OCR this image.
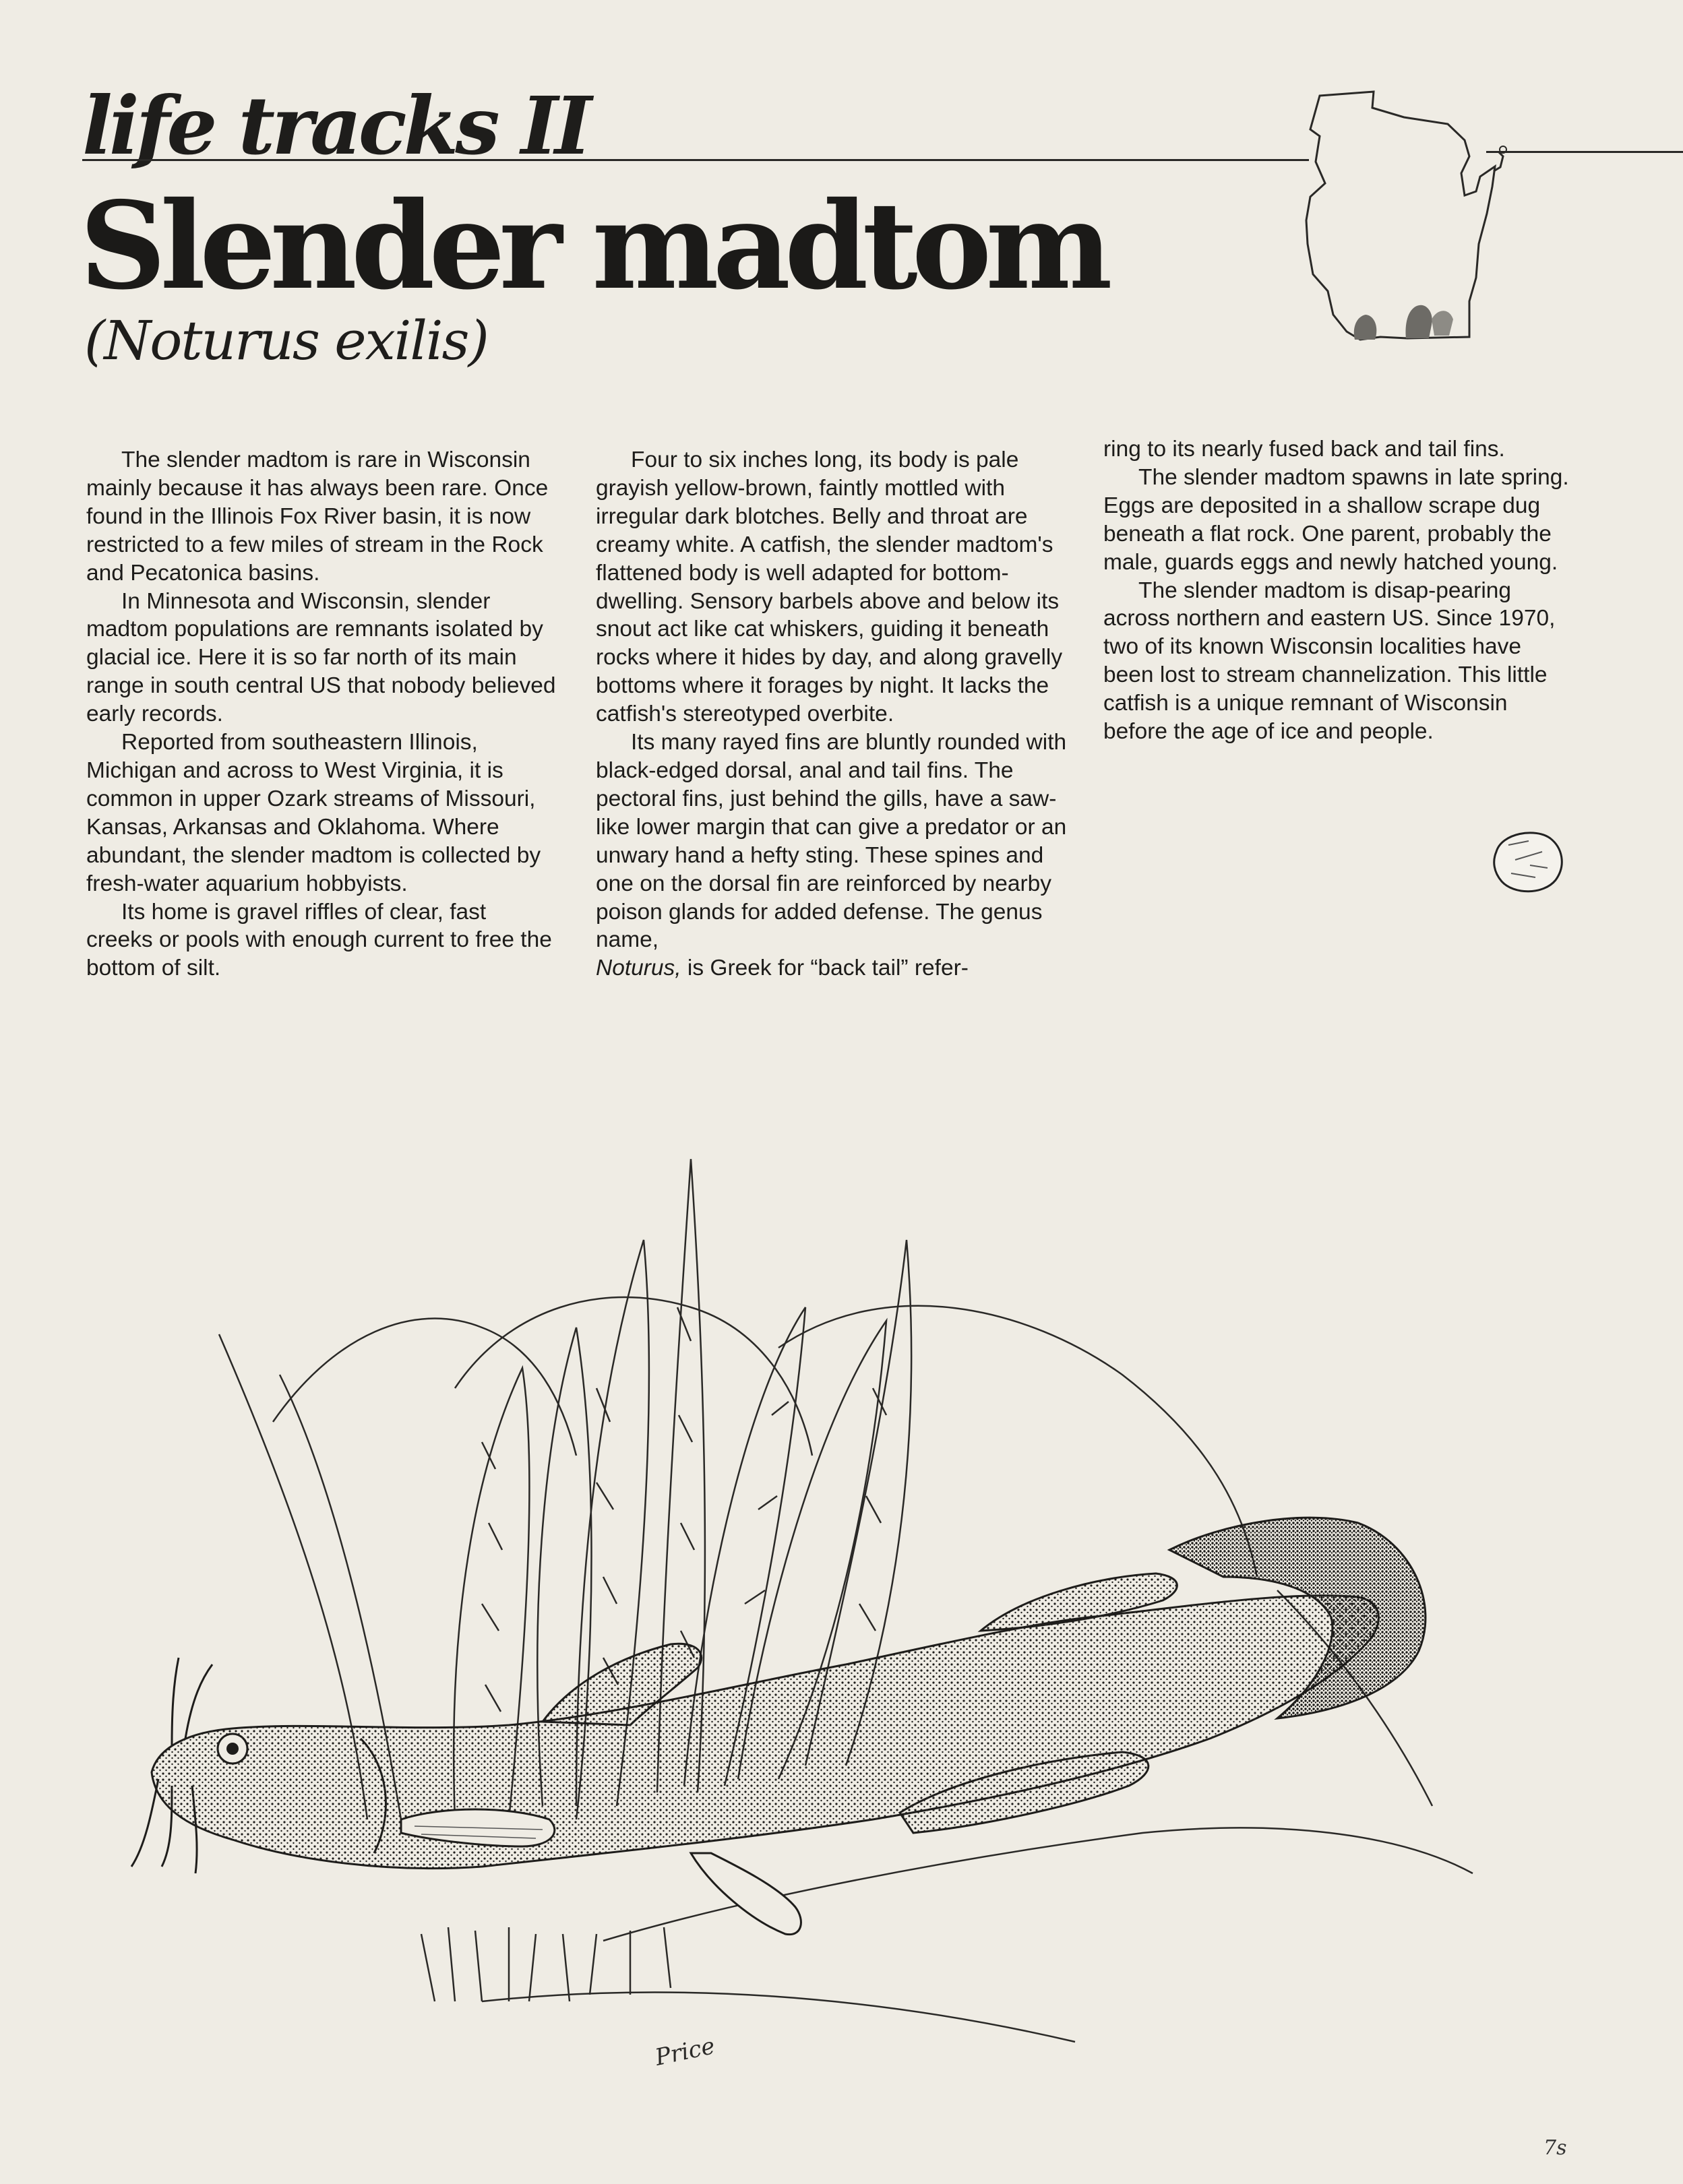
life tracks II
Slender madtom
(Noturus exilis)

The slender madtom is rare in Wisconsin mainly because it has always been rare. Once found in the Illinois Fox River basin, it is now restricted to a few miles of stream in the Rock and Pecatonica basins.

In Minnesota and Wisconsin, slender madtom populations are remnants isolated by glacial ice. Here it is so far north of its main range in south central US that nobody believed early records.

Reported from southeastern Illinois, Michigan and across to West Virginia, it is common in upper Ozark streams of Missouri, Kansas, Arkansas and Oklahoma. Where abundant, the slender madtom is collected by fresh-water aquarium hobbyists.

Its home is gravel riffles of clear, fast creeks or pools with enough current to free the bottom of silt.

Four to six inches long, its body is pale grayish yellow-brown, faintly mottled with irregular dark blotches. Belly and throat are creamy white. A catfish, the slender madtom's flattened body is well adapted for bottom-dwelling. Sensory barbels above and below its snout act like cat whiskers, guiding it beneath rocks where it hides by day, and along gravelly bottoms where it forages by night. It lacks the catfish's stereotyped overbite.

Its many rayed fins are bluntly rounded with black-edged dorsal, anal and tail fins. The pectoral fins, just behind the gills, have a saw-like lower margin that can give a predator or an unwary hand a hefty sting. These spines and one on the dorsal fin are reinforced by nearby poison glands for added defense. The genus name,

Noturus, is Greek for “back tail” refer-

ring to its nearly fused back and tail fins.

The slender madtom spawns in late spring. Eggs are deposited in a shallow scrape dug beneath a flat rock. One parent, probably the male, guards eggs and newly hatched young.

The slender madtom is disap-pearing across northern and eastern US. Since 1970, two of its known Wisconsin localities have been lost to stream channelization. This little catfish is a unique remnant of Wisconsin before the age of ice and people.

Price
7s
